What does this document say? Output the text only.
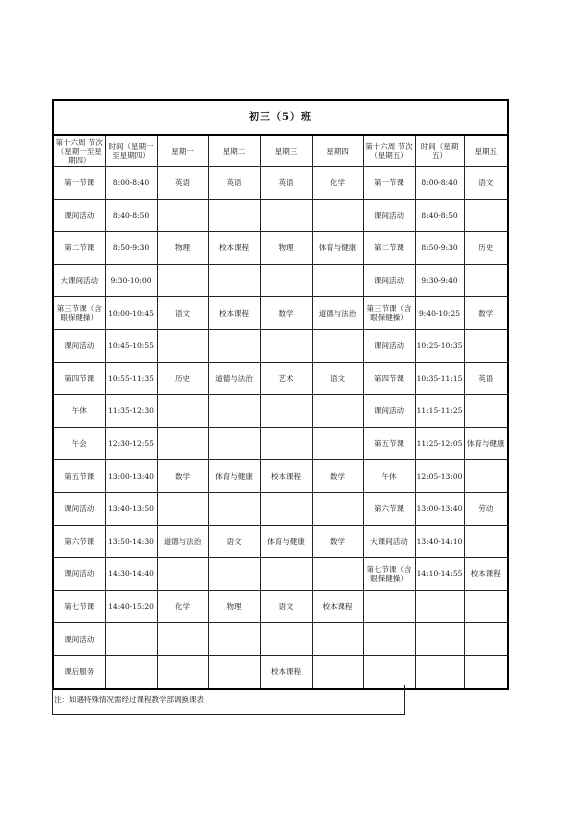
初三（5）班								
第十六周 节次（星期一至星期四）	时间（星期一至星期四）	星期一	星期二	星期三	星期四	第十六周 节次 （星期五）	时间（星期五）	星期五
第一节课	8:00-8:40	英语	英语	英语	化学	第一节课	8:00-8:40	语文
课间活动	8:40-8:50					课间活动	8:40-8:50	
第二节课	8:50-9:30	物理	校本课程	物理	体育与健康	第二节课	8:50-9:30	历史
大课间活动	9:30-10:00					课间活动	9:30-9:40	
第三节课（含眼保健操）	10:00-10:45	语文	校本课程	数学	道德与法治	第三节课（含眼保健操）	9:40-10:25	数学
课间活动	10:45-10:55					课间活动	10:25-10:35	
第四节课	10:55-11:35	历史	道德与法治	艺术	语文	第四节课	10:35-11:15	英语
午休	11:35-12:30					课间活动	11:15-11:25	
午会	12:30-12:55					第五节课	11:25-12:05	体育与健康
第五节课	13:00-13:40	数学	体育与健康	校本课程	数学	午休	12:05-13:00	
课间活动	13:40-13:50					第六节课	13:00-13:40	劳动
第六节课	13:50-14:30	道德与法治	语文	体育与健康	数学	大课间活动	13:40-14:10	
课间活动	14:30-14:40					第七节课（含眼保健操）	14:10-14:55	校本课程
第七节课	14:40-15:20	化学	物理	语文	校本课程			
课间活动								
课后服务				校本课程				
注：如遇特殊情况需经过课程教学部调换课表
